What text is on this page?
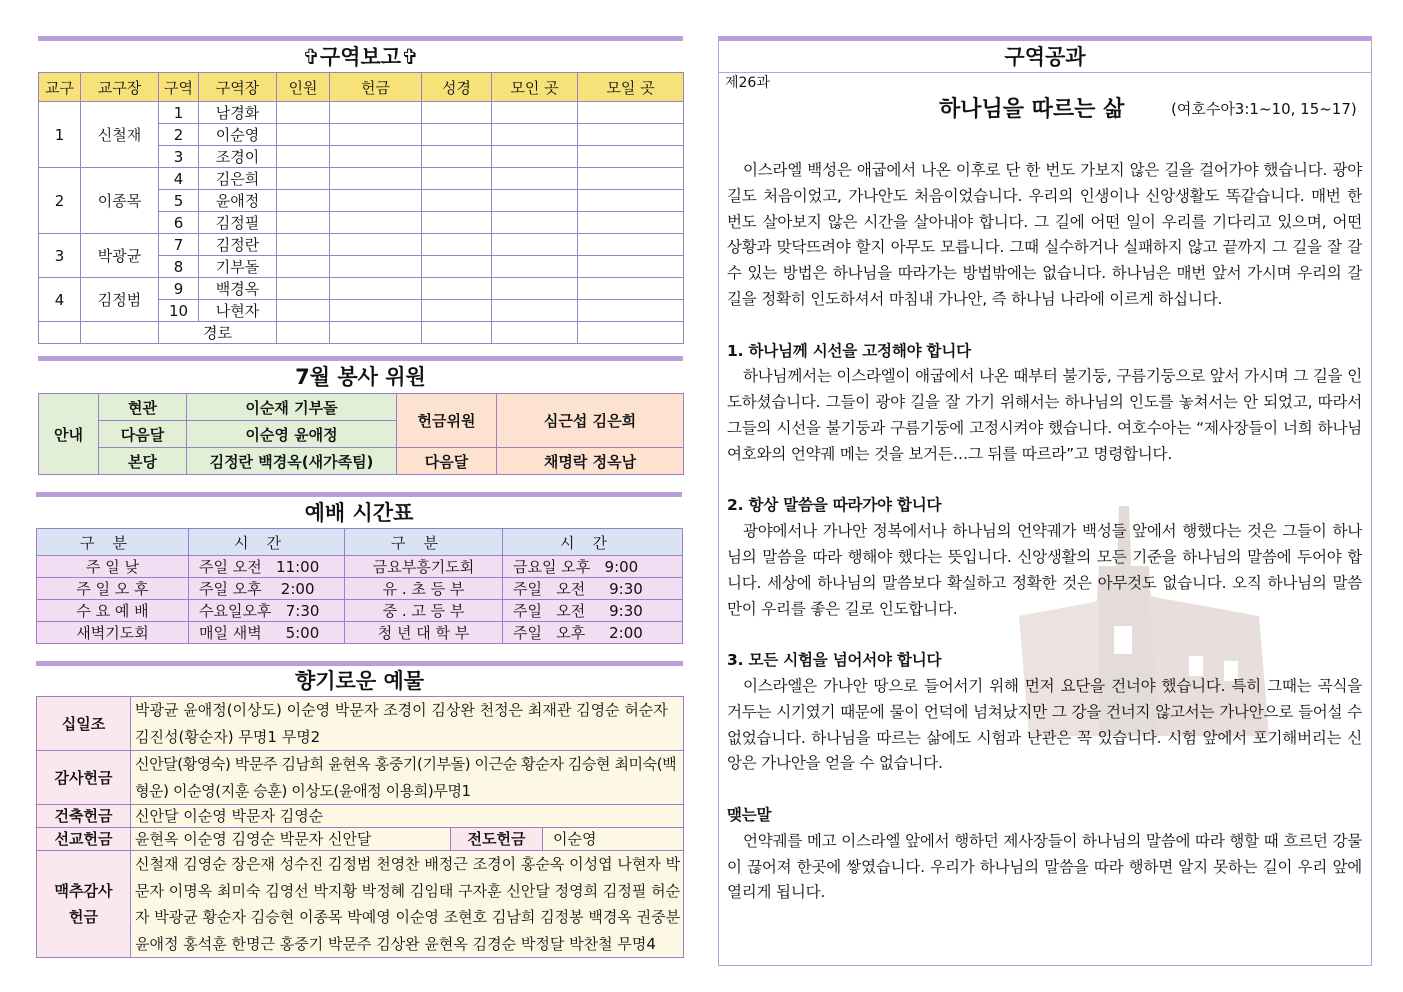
✞구역보고✞
교구	교구장	구역	구역장	인원	헌금	성경	모인 곳	모일 곳
1	신철재	1	남경화					
		2	이순영					
		3	조경이					
2	이종목	4	김은희					
		5	윤애정					
		6	김정필					
3	박광균	7	김정란					
		8	기부돌					
4	김정범	9	백경옥					
		10	나현자					
		경로						
7월 봉사 위원
안내	현관	이순재 기부돌	헌금위원	심근섭 김은희
	다음달	이순영 윤애정		
	본당	김정란 백경옥(새가족팀)	다음달	채명락 정옥남
예배 시간표
구분	시간	구분	시간
주 일 낮	주일 오전   11:00	금요부흥기도회	금요일 오후   9:00
주 일 오 후	주일 오후    2:00	유 . 초 등 부	주일   오전     9:30
수 요 예 배	수요일오후   7:30	중 . 고 등 부	주일   오전     9:30
새벽기도회	매일 새벽     5:00	청 년 대 학 부	주일   오후     2:00
향기로운 예물
십일조	박광균 윤애정(이상도) 이순영 박문자 조경이 김상완 천정은 최재관 김영순 허순자 김진성(황순자) 무명1 무명2		
감사헌금	신안달(황영숙) 박문주 김남희 윤현옥 홍중기(기부돌) 이근순 황순자 김승현 최미숙(백형운) 이순영(지훈 승훈) 이상도(윤애정 이용희)무명1		
건축헌금	신안달 이순영 박문자 김영순		
선교헌금	윤현옥 이순영 김영순 박문자 신안달	전도헌금	이순영
맥추감사헌금	신철재 김영순 장은재 성수진 김정범 천영찬 배정근 조경이 홍순옥 이성엽 나현자 박문자 이명옥 최미숙 김영선 박지황 박정혜 김임태 구자훈 신안달 정영희 김정필 허순자 박광균 황순자 김승현 이종목 박예영 이순영 조현호 김남희 김정봉 백경옥 권중분 윤애정 홍석훈 한명근 홍중기 박문주 김상완 윤현옥 김경순 박정달 박찬철 무명4		
구역공과
제26과
하나님을 따르는 삶	(여호수아3:1~10, 15~17)

이스라엘 백성은 애굽에서 나온 이후로 단 한 번도 가보지 않은 길을 걸어가야 했습니다. 광야 길도 처음이었고, 가나안도 처음이었습니다. 우리의 인생이나 신앙생활도 똑같습니다. 매번 한 번도 살아보지 않은 시간을 살아내야 합니다. 그 길에 어떤 일이 우리를 기다리고 있으며, 어떤 상황과 맞닥뜨려야 할지 아무도 모릅니다. 그때 실수하거나 실패하지 않고 끝까지 그 길을 잘 갈 수 있는 방법은 하나님을 따라가는 방법밖에는 없습니다. 하나님은 매번 앞서 가시며 우리의 갈 길을 정확히 인도하셔서 마침내 가나안, 즉 하나님 나라에 이르게 하십니다.

1. 하나님께 시선을 고정해야 합니다

하나님께서는 이스라엘이 애굽에서 나온 때부터 불기둥, 구름기둥으로 앞서 가시며 그 길을 인도하셨습니다. 그들이 광야 길을 잘 가기 위해서는 하나님의 인도를 놓쳐서는 안 되었고, 따라서 그들의 시선을 불기둥과 구름기둥에 고정시켜야 했습니다. 여호수아는 “제사장들이 너희 하나님 여호와의 언약궤 메는 것을 보거든…그 뒤를 따르라”고 명령합니다.

2. 항상 말씀을 따라가야 합니다

광야에서나 가나안 정복에서나 하나님의 언약궤가 백성들 앞에서 행했다는 것은 그들이 하나님의 말씀을 따라 행해야 했다는 뜻입니다. 신앙생활의 모든 기준을 하나님의 말씀에 두어야 합니다. 세상에 하나님의 말씀보다 확실하고 정확한 것은 아무것도 없습니다. 오직 하나님의 말씀만이 우리를 좋은 길로 인도합니다.

3. 모든 시험을 넘어서야 합니다

이스라엘은 가나안 땅으로 들어서기 위해 먼저 요단을 건너야 했습니다. 특히 그때는 곡식을 거두는 시기였기 때문에 물이 언덕에 넘쳐났지만 그 강을 건너지 않고서는 가나안으로 들어설 수 없었습니다. 하나님을 따르는 삶에도 시험과 난관은 꼭 있습니다. 시험 앞에서 포기해버리는 신앙은 가나안을 얻을 수 없습니다.

맺는말

언약궤를 메고 이스라엘 앞에서 행하던 제사장들이 하나님의 말씀에 따라 행할 때 흐르던 강물이 끊어져 한곳에 쌓였습니다. 우리가 하나님의 말씀을 따라 행하면 알지 못하는 길이 우리 앞에 열리게 됩니다.
